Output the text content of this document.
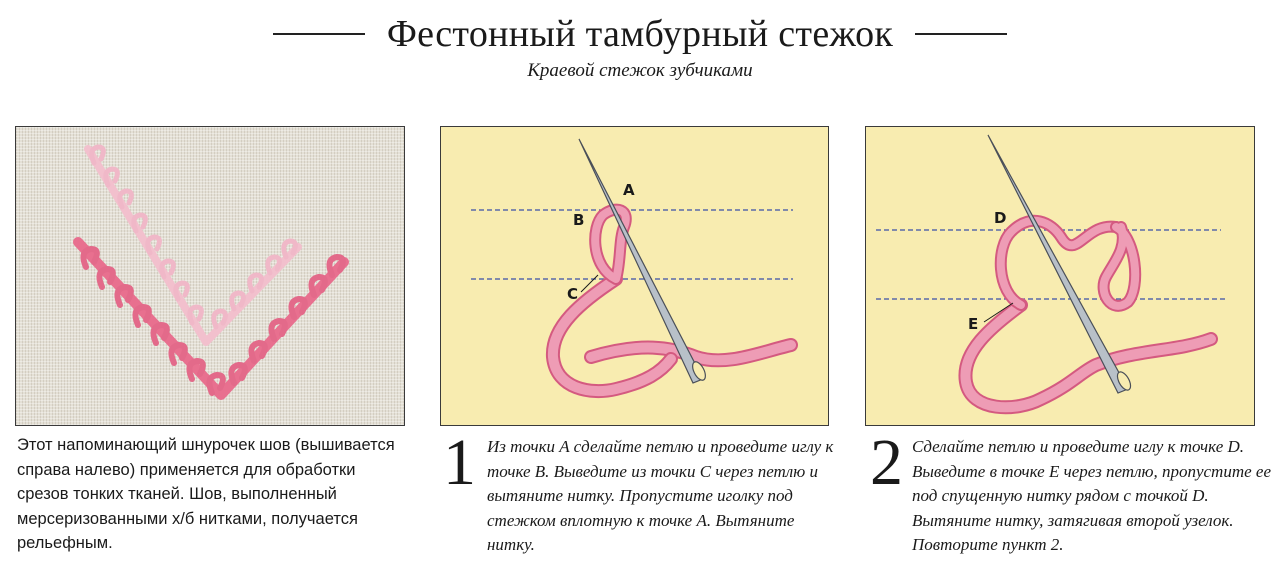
Фестонный тамбурный стежок
Краевой стежок зубчиками
A
B
C
D
E

Этот напоминающий шнурочек шов (вышивается справа налево) применяется для обработки срезов тонких тканей. Шов, выполненный мерсеризованными х/б нитками, получается рельефным.

1 Из точки A сделайте петлю и проведите иглу к точке B. Выведите из точки C через петлю и вытяните нитку. Пропустите иголку под стежком вплотную к точке A. Вытяните нитку.

2 Сделайте петлю и проведите иглу к точке D. Выведите в точке E через петлю, пропустите ее под спущенную нитку рядом с точкой D. Вытяните нитку, затягивая второй узелок. Повторите пункт 2.
